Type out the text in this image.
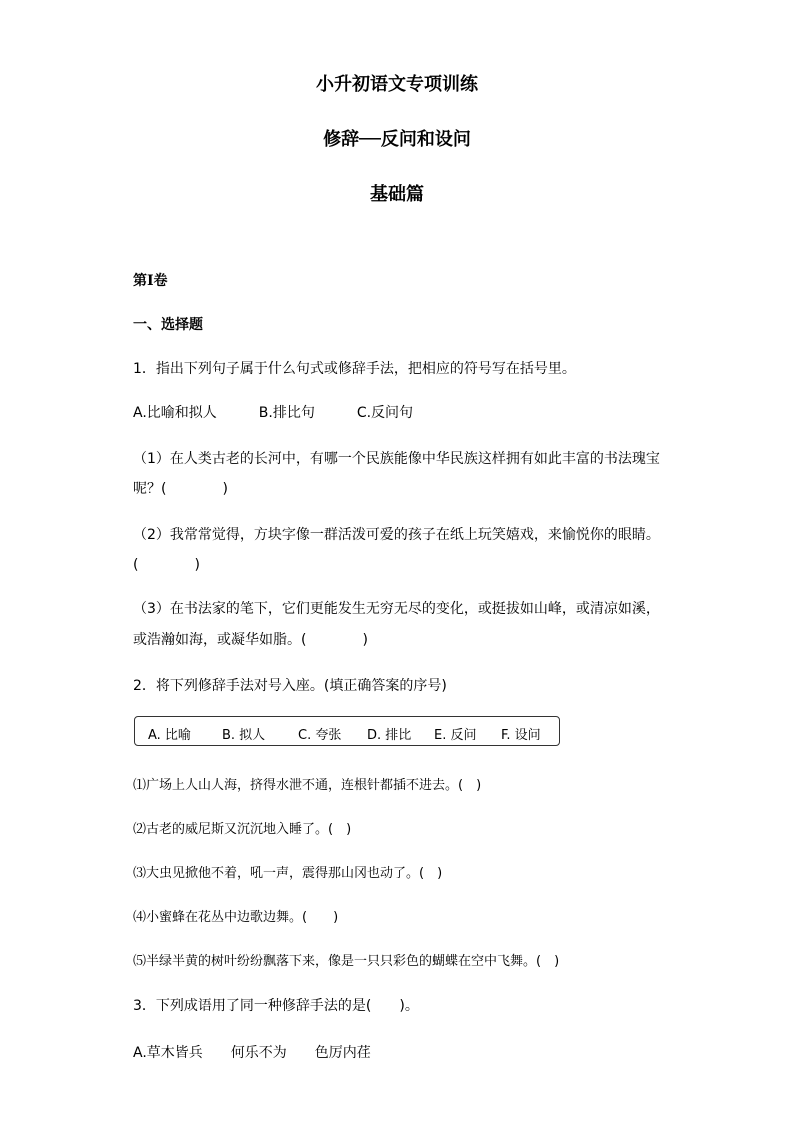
小升初语文专项训练
修辞──反问和设问
基础篇
第Ⅰ卷
一、选择题
1．指出下列句子属于什么句式或修辞手法，把相应的符号写在括号里。
A.比喻和拟人　　　B.排比句　　　C.反问句
（1）在人类古老的长河中，有哪一个民族能像中华民族这样拥有如此丰富的书法瑰宝
呢？(　　　　)
（2）我常常觉得，方块字像一群活泼可爱的孩子在纸上玩笑嬉戏，来愉悦你的眼睛。
(　　　　)
（3）在书法家的笔下，它们更能发生无穷无尽的变化，或挺拔如山峰，或清凉如溪，
或浩瀚如海，或凝华如脂。(　　　　)
2．将下列修辞手法对号入座。(填正确答案的序号)
A. 比喻 B. 拟人	C. 夸张 D. 排比 E. 反问 F. 设问
⑴广场上人山人海，挤得水泄不通，连根针都插不进去。(　)
⑵古老的威尼斯又沉沉地入睡了。(　)
⑶大虫见掀他不着，吼一声，震得那山冈也动了。(　)
⑷小蜜蜂在花丛中边歌边舞。(　　)
⑸半绿半黄的树叶纷纷飘落下来，像是一只只彩色的蝴蝶在空中飞舞。(　)
3．下列成语用了同一种修辞手法的是(　　)。
A.草木皆兵　　何乐不为　　色厉内荏
